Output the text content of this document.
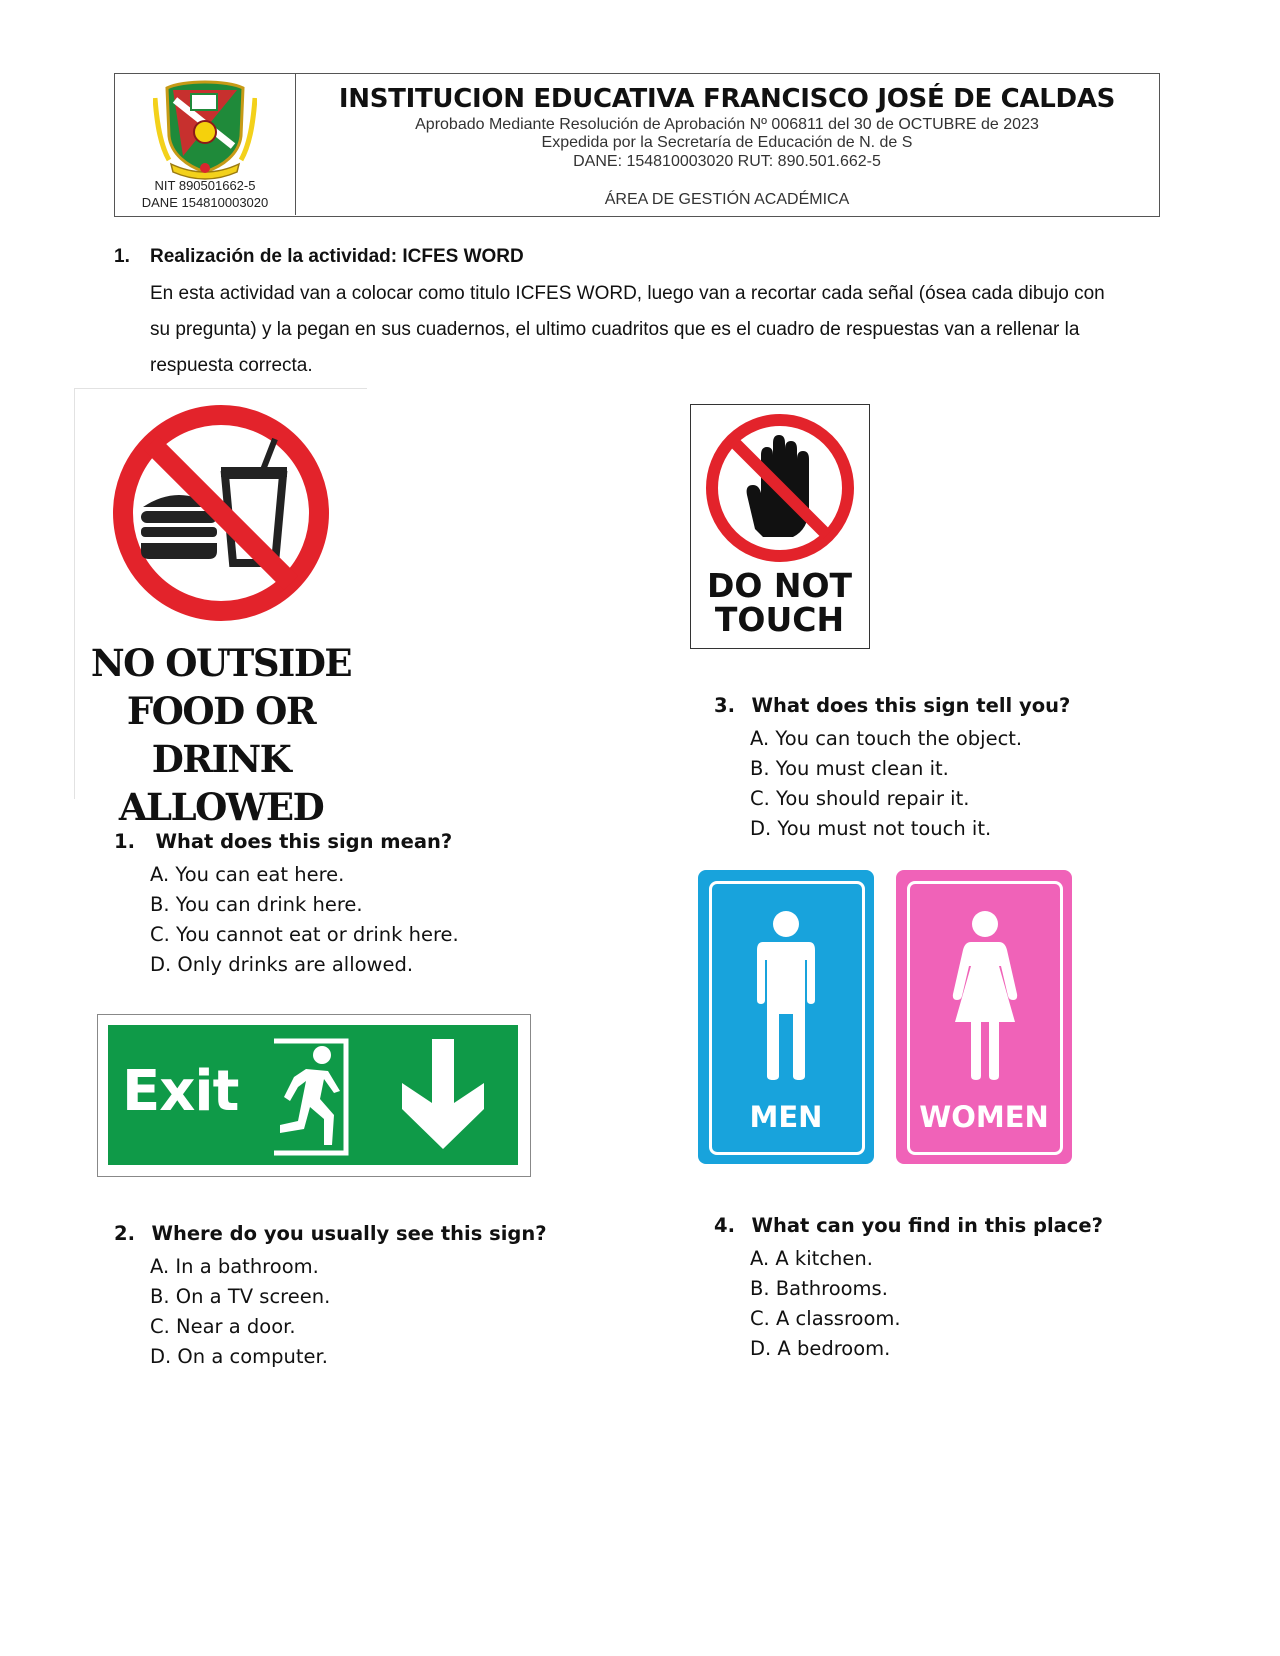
NIT 890501662-5
DANE 154810003020
INSTITUCION EDUCATIVA FRANCISCO JOSÉ DE CALDAS
Aprobado Mediante Resolución de Aprobación Nº 006811 del 30 de OCTUBRE de 2023
Expedida por la Secretaría de Educación de N. de S
DANE: 154810003020 RUT: 890.501.662-5
ÁREA DE GESTIÓN ACADÉMICA
1. Realización de la actividad: ICFES WORD
En esta actividad van a colocar como titulo ICFES WORD, luego van a recortar cada señal (ósea cada dibujo con
su pregunta) y la pegan en sus cuadernos, el ultimo cuadritos que es el cuadro de respuestas van a rellenar la
respuesta correcta.
NO OUTSIDE
FOOD OR DRINK
ALLOWED
DO NOT
TOUCH
3. What does this sign tell you?
A. You can touch the object.
B. You must clean it.
C. You should repair it.
D. You must not touch it.
1. What does this sign mean?
A. You can eat here.
B. You can drink here.
C. You cannot eat or drink here.
D. Only drinks are allowed.
MEN	WOMEN
Exit
4. What can you find in this place?
A. A kitchen.
B. Bathrooms.
C. A classroom.
D. A bedroom.
2. Where do you usually see this sign?
A. In a bathroom.
B. On a TV screen.
C. Near a door.
D. On a computer.
